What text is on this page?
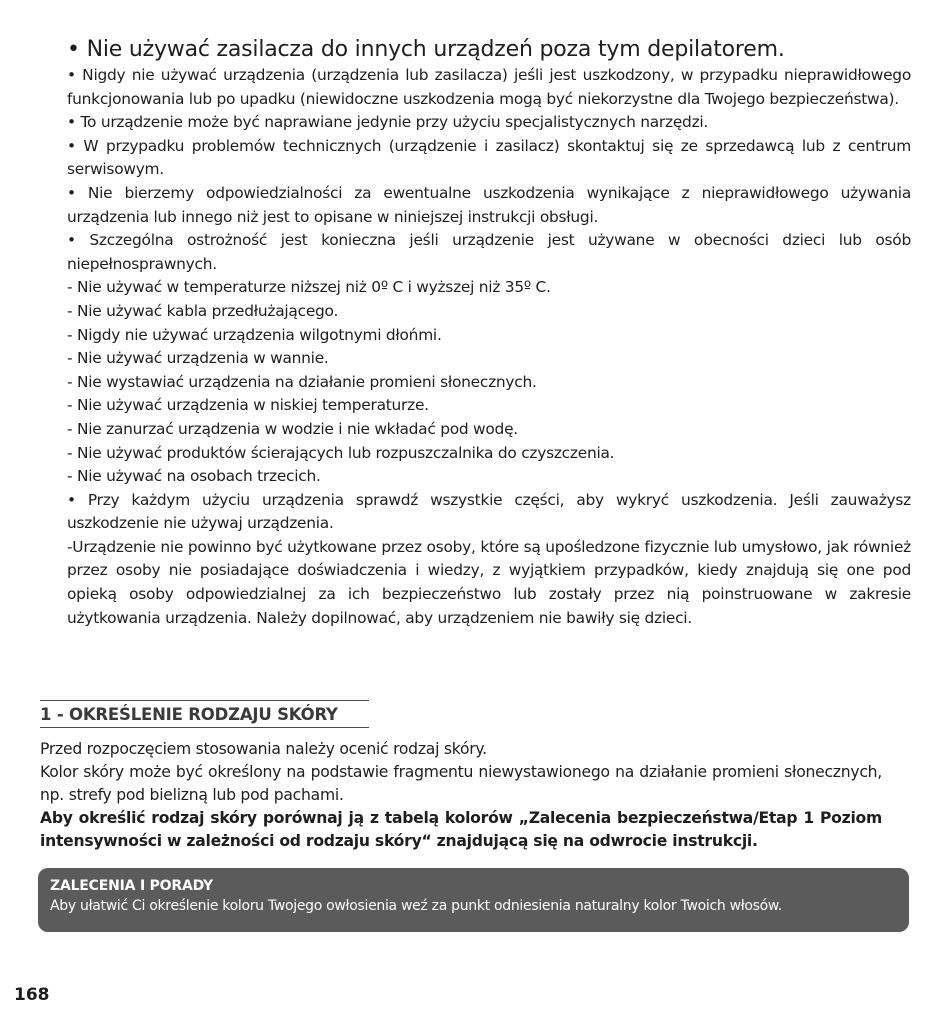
• Nie używać zasilacza do innych urządzeń poza tym depilatorem.

• Nigdy nie używać urządzenia (urządzenia lub zasilacza) jeśli jest uszkodzony, w przypadku nieprawidłowego funkcjonowania lub po upadku (niewidoczne uszkodzenia mogą być niekorzystne dla Twojego bezpieczeństwa).

• To urządzenie może być naprawiane jedynie przy użyciu specjalistycznych narzędzi.

• W przypadku problemów technicznych (urządzenie i zasilacz) skontaktuj się ze sprzedawcą lub z centrum serwisowym.

• Nie bierzemy odpowiedzialności za ewentualne uszkodzenia wynikające z nieprawidłowego używania urządzenia lub innego niż jest to opisane w niniejszej instrukcji obsługi.

• Szczególna ostrożność jest konieczna jeśli urządzenie jest używane w obecności dzieci lub osób niepełnosprawnych.

- Nie używać w temperaturze niższej niż 0º C i wyższej niż 35º C.

- Nie używać kabla przedłużającego.

- Nigdy nie używać urządzenia wilgotnymi dłońmi.

- Nie używać urządzenia w wannie.

- Nie wystawiać urządzenia na działanie promieni słonecznych.

- Nie używać urządzenia w niskiej temperaturze.

- Nie zanurzać urządzenia w wodzie i nie wkładać pod wodę.

- Nie używać produktów ścierających lub rozpuszczalnika do czyszczenia.

- Nie używać na osobach trzecich.

• Przy każdym użyciu urządzenia sprawdź wszystkie części, aby wykryć uszkodzenia. Jeśli zauważysz uszkodzenie nie używaj urządzenia.

-Urządzenie nie powinno być użytkowane przez osoby, które są upośledzone fizycznie lub umysłowo, jak również przez osoby nie posiadające doświadczenia i wiedzy, z wyjątkiem przypadków, kiedy znajdują się one pod opieką osoby odpowiedzialnej za ich bezpieczeństwo lub zostały przez nią poinstruowane w zakresie użytkowania urządzenia. Należy dopilnować, aby urządzeniem nie bawiły się dzieci.

1 - OKREŚLENIE RODZAJU SKÓRY

Przed rozpoczęciem stosowania należy ocenić rodzaj skóry.

Kolor skóry może być określony na podstawie fragmentu niewystawionego na działanie promieni słonecznych, np. strefy pod bielizną lub pod pachami.

Aby określić rodzaj skóry porównaj ją z tabelą kolorów „Zalecenia bezpieczeństwa/Etap 1 Poziom intensywności w zależności od rodzaju skóry“ znajdującą się na odwrocie instrukcji.

ZALECENIA I PORADY
Aby ułatwić Ci określenie koloru Twojego owłosienia weź za punkt odniesienia naturalny kolor Twoich włosów.
168
